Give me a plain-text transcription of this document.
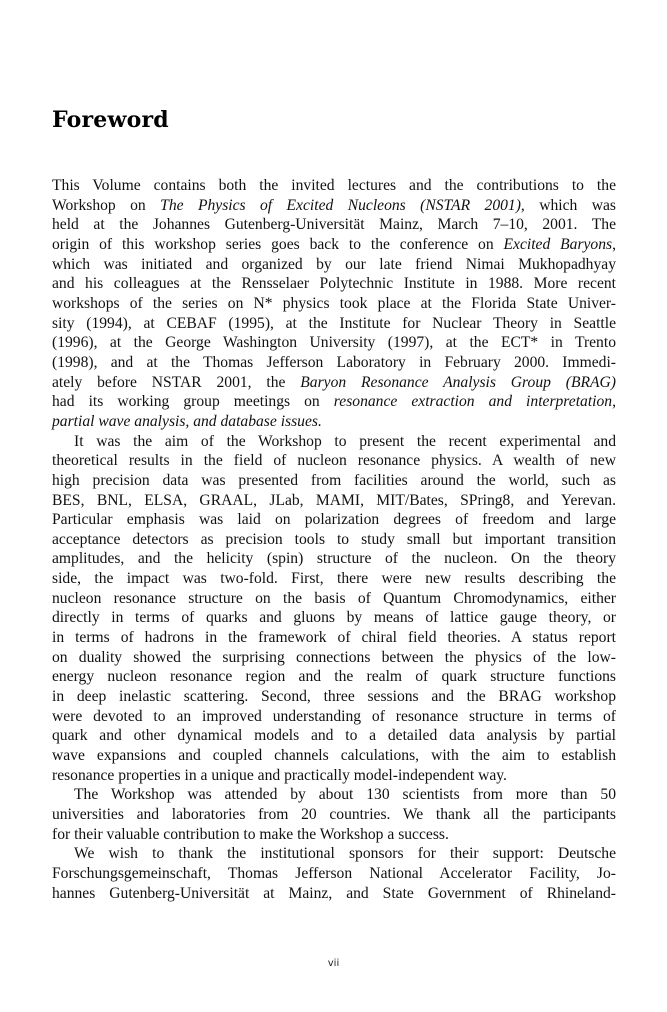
Foreword
This Volume contains both the invited lectures and the contributions to the
Workshop on The Physics of Excited Nucleons (NSTAR 2001), which was
held at the Johannes Gutenberg-Universität Mainz, March 7–10, 2001. The
origin of this workshop series goes back to the conference on Excited Baryons,
which was initiated and organized by our late friend Nimai Mukhopadhyay
and his colleagues at the Rensselaer Polytechnic Institute in 1988. More recent
workshops of the series on N* physics took place at the Florida State Univer-
sity (1994), at CEBAF (1995), at the Institute for Nuclear Theory in Seattle
(1996), at the George Washington University (1997), at the ECT* in Trento
(1998), and at the Thomas Jefferson Laboratory in February 2000. Immedi-
ately before NSTAR 2001, the Baryon Resonance Analysis Group (BRAG)
had its working group meetings on resonance extraction and interpretation,
partial wave analysis, and database issues.
It was the aim of the Workshop to present the recent experimental and
theoretical results in the field of nucleon resonance physics. A wealth of new
high precision data was presented from facilities around the world, such as
BES, BNL, ELSA, GRAAL, JLab, MAMI, MIT/Bates, SPring8, and Yerevan.
Particular emphasis was laid on polarization degrees of freedom and large
acceptance detectors as precision tools to study small but important transition
amplitudes, and the helicity (spin) structure of the nucleon. On the theory
side, the impact was two-fold. First, there were new results describing the
nucleon resonance structure on the basis of Quantum Chromodynamics, either
directly in terms of quarks and gluons by means of lattice gauge theory, or
in terms of hadrons in the framework of chiral field theories. A status report
on duality showed the surprising connections between the physics of the low-
energy nucleon resonance region and the realm of quark structure functions
in deep inelastic scattering. Second, three sessions and the BRAG workshop
were devoted to an improved understanding of resonance structure in terms of
quark and other dynamical models and to a detailed data analysis by partial
wave expansions and coupled channels calculations, with the aim to establish
resonance properties in a unique and practically model-independent way.
The Workshop was attended by about 130 scientists from more than 50
universities and laboratories from 20 countries. We thank all the participants
for their valuable contribution to make the Workshop a success.
We wish to thank the institutional sponsors for their support: Deutsche
Forschungsgemeinschaft, Thomas Jefferson National Accelerator Facility, Jo-
hannes Gutenberg-Universität at Mainz, and State Government of Rhineland-
vii
